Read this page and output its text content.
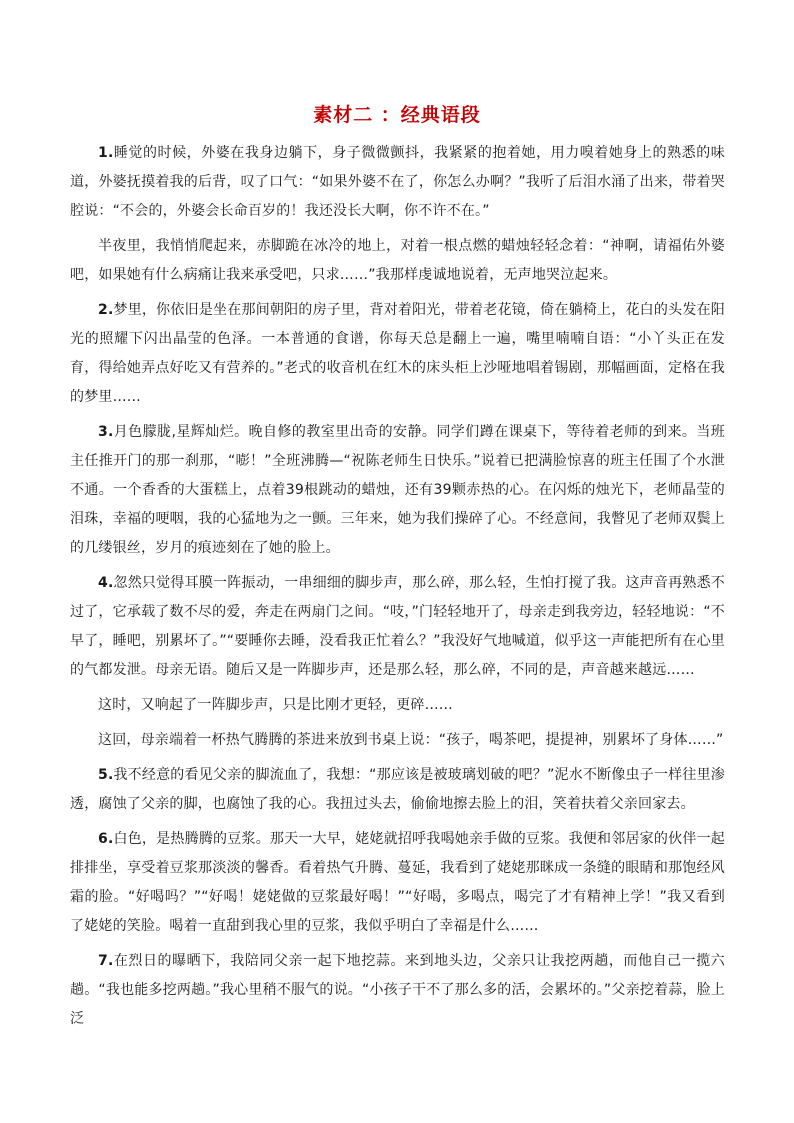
素材二 ：经典语段

1.睡觉的时候，外婆在我身边躺下，身子微微颤抖，我紧紧的抱着她，用力嗅着她身上的熟悉的味道，外婆抚摸着我的后背，叹了口气：“如果外婆不在了，你怎么办啊？”我听了后泪水涌了出来，带着哭腔说：“不会的，外婆会长命百岁的！我还没长大啊，你不许不在。”

半夜里，我悄悄爬起来，赤脚跪在冰冷的地上，对着一根点燃的蜡烛轻轻念着：“神啊，请福佑外婆吧，如果她有什么病痛让我来承受吧，只求……”我那样虔诚地说着，无声地哭泣起来。

2.梦里，你依旧是坐在那间朝阳的房子里，背对着阳光，带着老花镜，倚在躺椅上，花白的头发在阳光的照耀下闪出晶莹的色泽。一本普通的食谱，你每天总是翻上一遍，嘴里喃喃自语：“小丫头正在发育，得给她弄点好吃又有营养的。”老式的收音机在红木的床头柜上沙哑地唱着锡剧，那幅画面，定格在我的梦里……

3.月色朦胧,星辉灿烂。晚自修的教室里出奇的安静。同学们蹲在课桌下，等待着老师的到来。当班主任推开门的那一刹那，“嘭！”全班沸腾—“祝陈老师生日快乐。”说着已把满脸惊喜的班主任围了个水泄不通。一个香香的大蛋糕上，点着39根跳动的蜡烛，还有39颗赤热的心。在闪烁的烛光下，老师晶莹的泪珠，幸福的哽咽，我的心猛地为之一颤。三年来，她为我们操碎了心。不经意间，我瞥见了老师双鬓上的几缕银丝，岁月的痕迹刻在了她的脸上。

4.忽然只觉得耳膜一阵振动，一串细细的脚步声，那么碎，那么轻，生怕打搅了我。这声音再熟悉不过了，它承载了数不尽的爱，奔走在两扇门之间。“吱，”门轻轻地开了，母亲走到我旁边，轻轻地说：“不早了，睡吧，别累坏了。”“要睡你去睡，没看我正忙着么？”我没好气地喊道，似乎这一声能把所有在心里的气都发泄。母亲无语。随后又是一阵脚步声，还是那么轻，那么碎，不同的是，声音越来越远……

这时，又响起了一阵脚步声，只是比刚才更轻，更碎……

这回，母亲端着一杯热气腾腾的茶进来放到书桌上说：“孩子，喝茶吧，提提神，别累坏了身体……”

5.我不经意的看见父亲的脚流血了，我想：“那应该是被玻璃划破的吧？”泥水不断像虫子一样往里渗透，腐蚀了父亲的脚，也腐蚀了我的心。我扭过头去，偷偷地擦去脸上的泪，笑着扶着父亲回家去。

6.白色，是热腾腾的豆浆。那天一大早，姥姥就招呼我喝她亲手做的豆浆。我便和邻居家的伙伴一起排排坐，享受着豆浆那淡淡的馨香。看着热气升腾、蔓延，我看到了姥姥那眯成一条缝的眼睛和那饱经风霜的脸。“好喝吗？”“好喝！姥姥做的豆浆最好喝！”“好喝，多喝点，喝完了才有精神上学！”我又看到了姥姥的笑脸。喝着一直甜到我心里的豆浆，我似乎明白了幸福是什么……

7.在烈日的曝晒下，我陪同父亲一起下地挖蒜。来到地头边，父亲只让我挖两趟，而他自己一揽六趟。“我也能多挖两趟。”我心里稍不服气的说。“小孩子干不了那么多的活，会累坏的。”父亲挖着蒜，脸上泛
